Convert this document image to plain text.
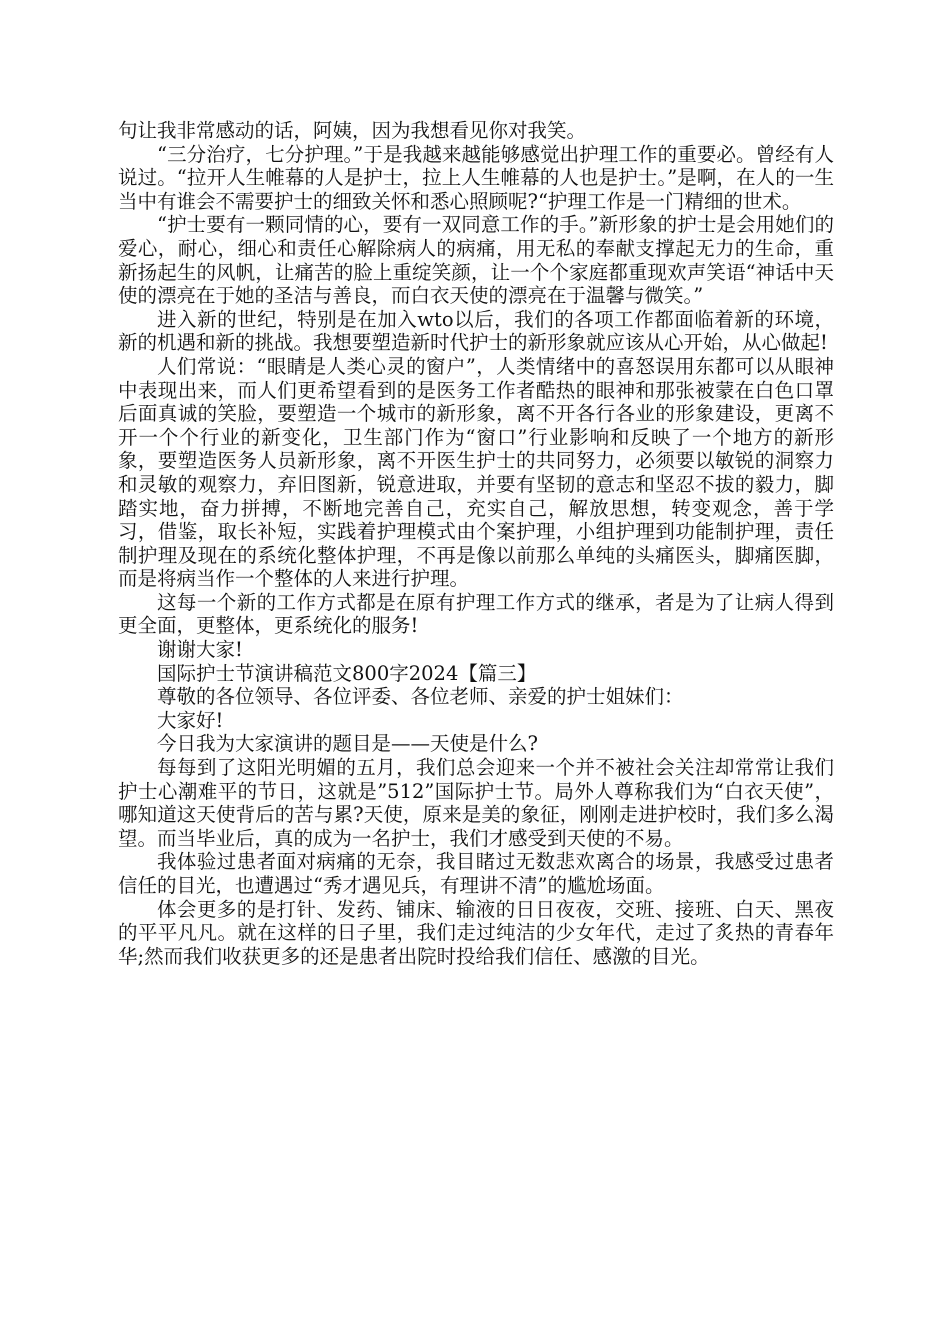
句让我非常感动的话，阿姨，因为我想看见你对我笑。

“三分治疗，七分护理。”于是我越来越能够感觉出护理工作的重要必。曾经有人说过。“拉开人生帷幕的人是护士，拉上人生帷幕的人也是护士。”是啊，在人的一生当中有谁会不需要护士的细致关怀和悉心照顾呢?“护理工作是一门精细的世术。

“护士要有一颗同情的心，要有一双同意工作的手。”新形象的护士是会用她们的爱心，耐心，细心和责任心解除病人的病痛，用无私的奉献支撑起无力的生命，重新扬起生的风帆，让痛苦的脸上重绽笑颜，让一个个家庭都重现欢声笑语“神话中天使的漂亮在于她的圣洁与善良，而白衣天使的漂亮在于温馨与微笑。”

进入新的世纪，特别是在加入wto以后，我们的各项工作都面临着新的环境，新的机遇和新的挑战。我想要塑造新时代护士的新形象就应该从心开始，从心做起!

人们常说：“眼睛是人类心灵的窗户”，人类情绪中的喜怒误用东都可以从眼神中表现出来，而人们更希望看到的是医务工作者酷热的眼神和那张被蒙在白色口罩后面真诚的笑脸，要塑造一个城市的新形象，离不开各行各业的形象建设，更离不开一个个行业的新变化，卫生部门作为“窗口”行业影响和反映了一个地方的新形象，要塑造医务人员新形象，离不开医生护士的共同努力，必须要以敏锐的洞察力和灵敏的观察力，弃旧图新，锐意进取，并要有坚韧的意志和坚忍不拔的毅力，脚踏实地，奋力拼搏，不断地完善自己，充实自己，解放思想，转变观念，善于学习，借鉴，取长补短，实践着护理模式由个案护理，小组护理到功能制护理，责任制护理及现在的系统化整体护理，不再是像以前那么单纯的头痛医头，脚痛医脚，而是将病当作一个整体的人来进行护理。

这每一个新的工作方式都是在原有护理工作方式的继承，者是为了让病人得到更全面，更整体，更系统化的服务!

谢谢大家!

国际护士节演讲稿范文800字2024【篇三】

尊敬的各位领导、各位评委、各位老师、亲爱的护士姐妹们：

大家好!

今日我为大家演讲的题目是——天使是什么?

每每到了这阳光明媚的五月，我们总会迎来一个并不被社会关注却常常让我们护士心潮难平的节日，这就是”512”国际护士节。局外人尊称我们为“白衣天使”，哪知道这天使背后的苦与累?天使，原来是美的象征，刚刚走进护校时，我们多么渴望。而当毕业后，真的成为一名护士，我们才感受到天使的不易。

我体验过患者面对病痛的无奈，我目睹过无数悲欢离合的场景，我感受过患者信任的目光，也遭遇过“秀才遇见兵，有理讲不清”的尴尬场面。

体会更多的是打针、发药、铺床、输液的日日夜夜，交班、接班、白天、黑夜的平平凡凡。就在这样的日子里，我们走过纯洁的少女年代，走过了炙热的青春年华;然而我们收获更多的还是患者出院时投给我们信任、感激的目光。
